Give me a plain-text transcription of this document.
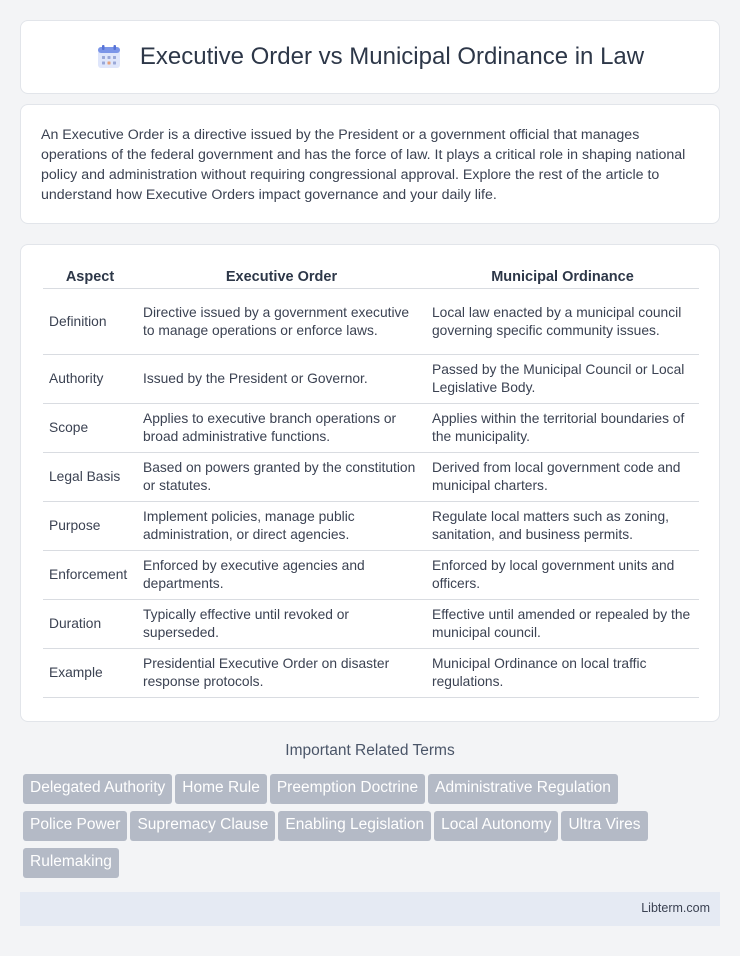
Executive Order vs Municipal Ordinance in Law

An Executive Order is a directive issued by the President or a government official that manages operations of the federal government and has the force of law. It plays a critical role in shaping national policy and administration without requiring congressional approval. Explore the rest of the article to understand how Executive Orders impact governance and your daily life.

Aspect	Executive Order	Municipal Ordinance
Definition	Directive issued by a government executive to manage operations or enforce laws.	Local law enacted by a municipal council governing specific community issues.
Authority	Issued by the President or Governor.	Passed by the Municipal Council or Local Legislative Body.
Scope	Applies to executive branch operations or broad administrative functions.	Applies within the territorial boundaries of the municipality.
Legal Basis	Based on powers granted by the constitution or statutes.	Derived from local government code and municipal charters.
Purpose	Implement policies, manage public administration, or direct agencies.	Regulate local matters such as zoning, sanitation, and business permits.
Enforcement	Enforced by executive agencies and departments.	Enforced by local government units and officers.
Duration	Typically effective until revoked or superseded.	Effective until amended or repealed by the municipal council.
Example	Presidential Executive Order on disaster response protocols.	Municipal Ordinance on local traffic regulations.
Important Related Terms
Delegated Authority Home Rule Preemption Doctrine Administrative Regulation
Police Power Supremacy Clause Enabling Legislation Local Autonomy Ultra Vires
Rulemaking
Libterm.com
